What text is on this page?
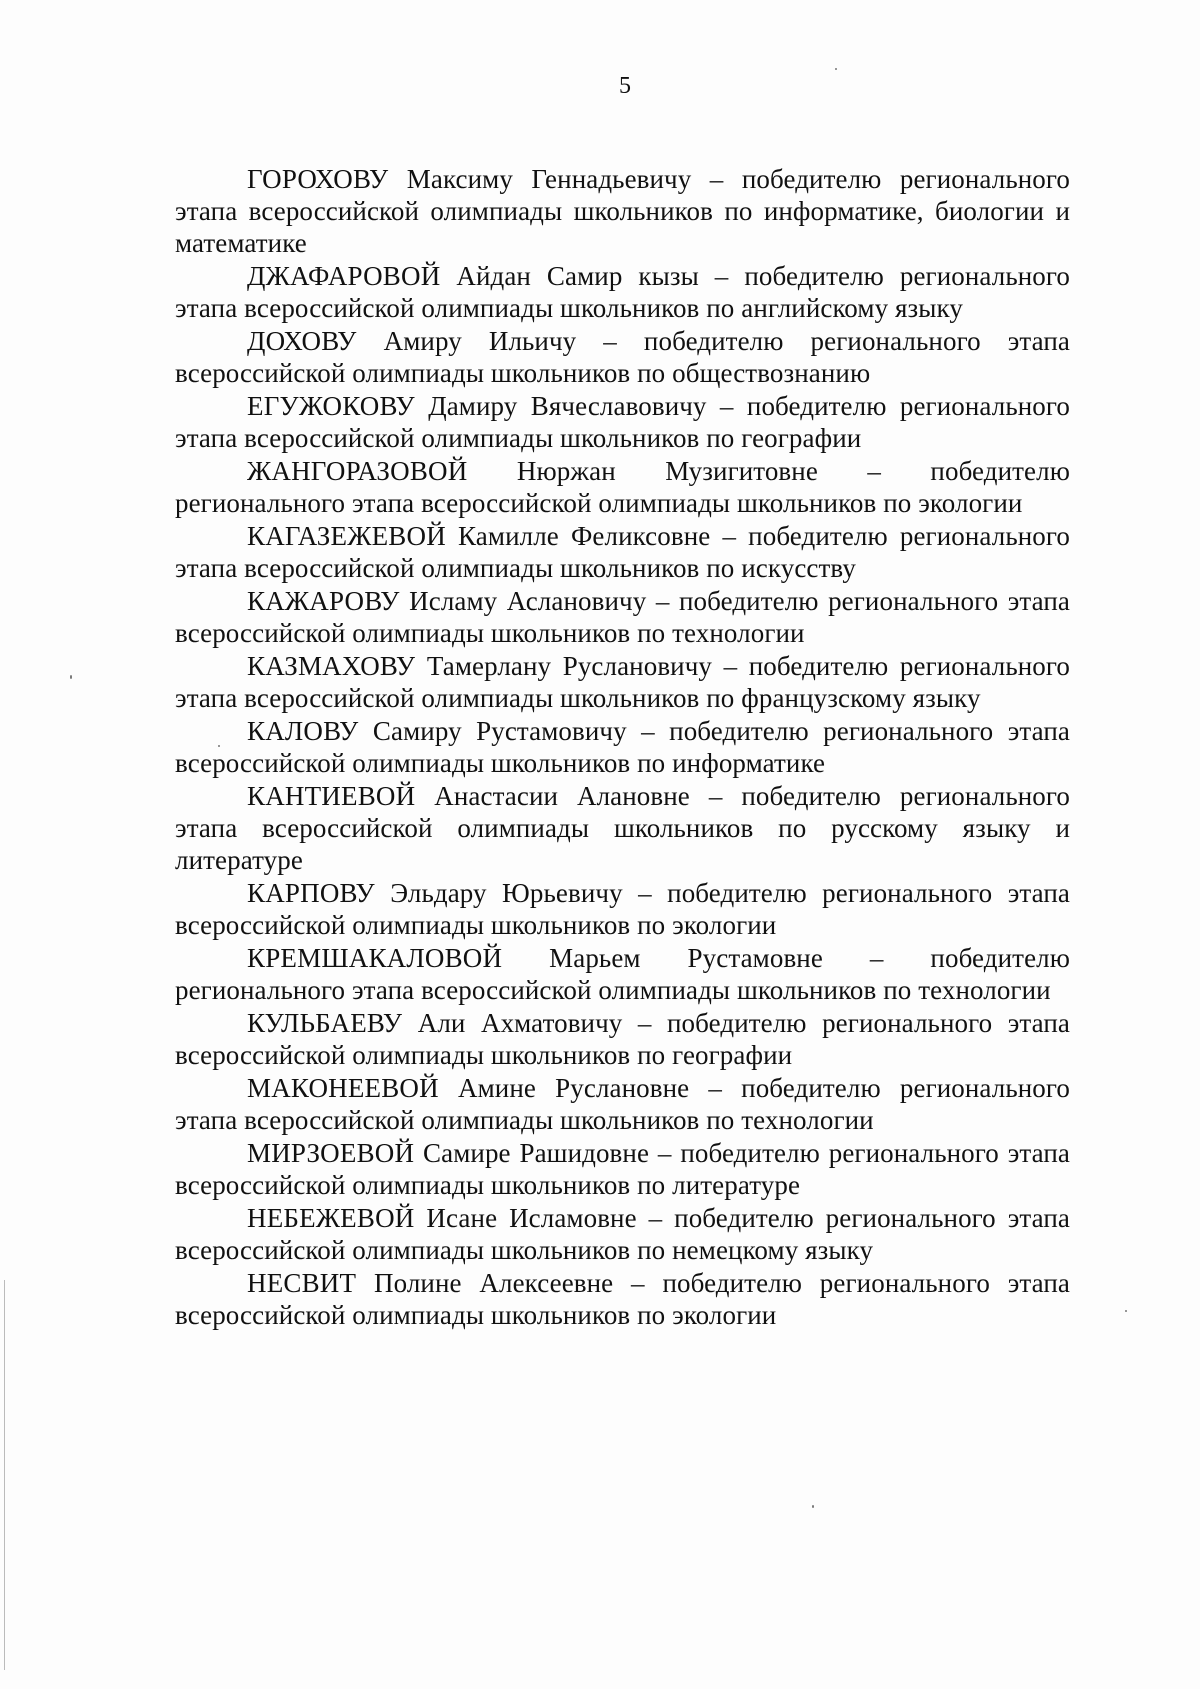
5

ГОРОХОВУ Максиму Геннадьевичу – победителю регионального этапа всероссийской олимпиады школьников по информатике, биологии и математике

ДЖАФАРОВОЙ Айдан Самир кызы – победителю регионального этапа всероссийской олимпиады школьников по английскому языку

ДОХОВУ Амиру Ильичу – победителю регионального этапа всероссийской олимпиады школьников по обществознанию

ЕГУЖОКОВУ Дамиру Вячеславовичу – победителю регионального этапа всероссийской олимпиады школьников по географии

ЖАНГОРАЗОВОЙ Нюржан Музигитовне – победителю регионального этапа всероссийской олимпиады школьников по экологии

КАГАЗЕЖЕВОЙ Камилле Феликсовне – победителю регионального этапа всероссийской олимпиады школьников по искусству

КАЖАРОВУ Исламу Аслановичу – победителю регионального этапа всероссийской олимпиады школьников по технологии

КАЗМАХОВУ Тамерлану Руслановичу – победителю регионального этапа всероссийской олимпиады школьников по французскому языку

КАЛОВУ Самиру Рустамовичу – победителю регионального этапа всероссийской олимпиады школьников по информатике

КАНТИЕВОЙ Анастасии Алановне – победителю регионального этапа всероссийской олимпиады школьников по русскому языку и литературе

КАРПОВУ Эльдару Юрьевичу – победителю регионального этапа всероссийской олимпиады школьников по экологии

КРЕМШАКАЛОВОЙ Марьем Рустамовне – победителю регионального этапа всероссийской олимпиады школьников по технологии

КУЛЬБАЕВУ Али Ахматовичу – победителю регионального этапа всероссийской олимпиады школьников по географии

МАКОНЕЕВОЙ Амине Руслановне – победителю регионального этапа всероссийской олимпиады школьников по технологии

МИРЗОЕВОЙ Самире Рашидовне – победителю регионального этапа всероссийской олимпиады школьников по литературе

НЕБЕЖЕВОЙ Исане Исламовне – победителю регионального этапа всероссийской олимпиады школьников по немецкому языку

НЕСВИТ Полине Алексеевне – победителю регионального этапа всероссийской олимпиады школьников по экологии
